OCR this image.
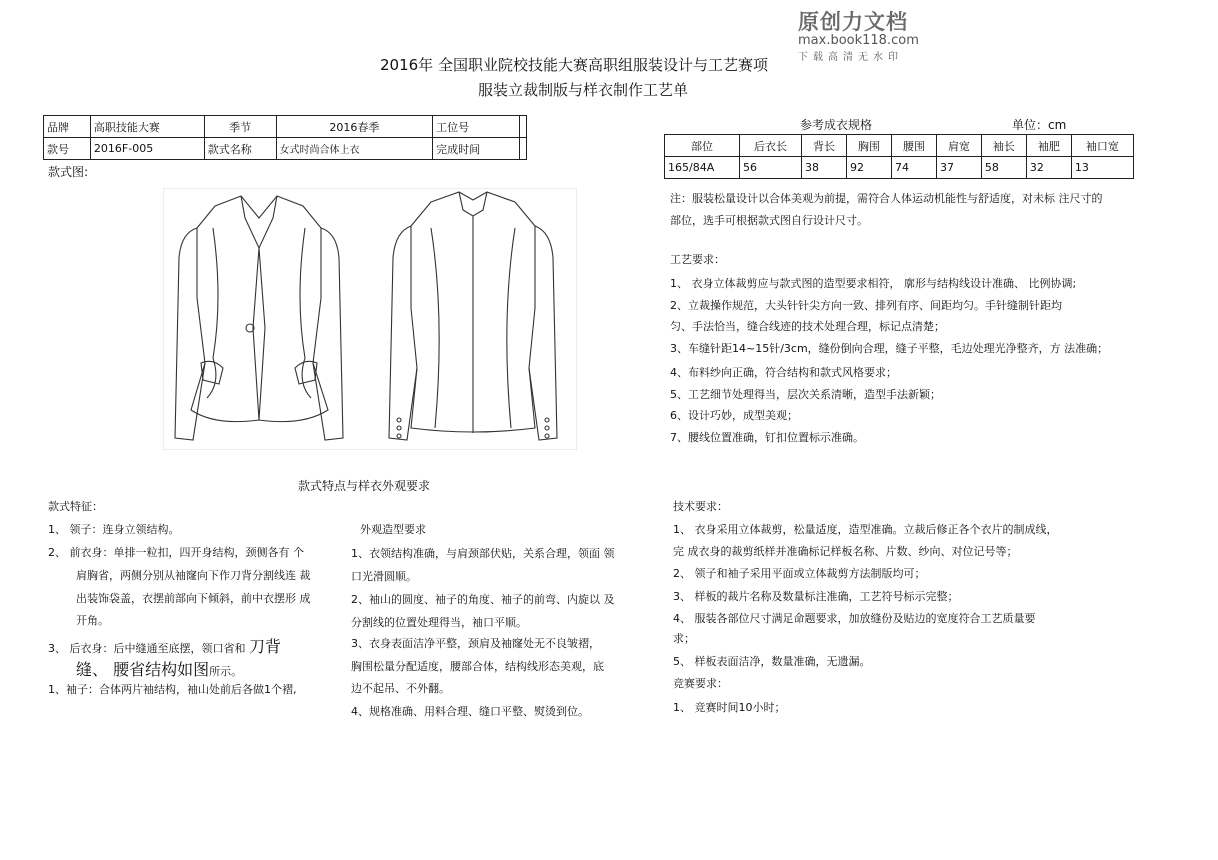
原创力文档
max.book118.com
下载高清无水印
2016年 全国职业院校技能大赛高职组服装设计与工艺赛项
服装立裁制版与样衣制作工艺单
品牌	高职技能大赛	季节	2016春季	工位号	
款号	2016F-005	款式名称	女式时尚合体上衣	完成时间	
款式图:
参考成衣规格	单位：cm
部位	后衣长	背长	胸围	腰围	肩宽	袖长	袖肥	袖口宽
165/84A	56	38	92	74	37	58	32	13
注：服装松量设计以合体美观为前提，需符合人体运动机能性与舒适度，对未标 注尺寸的
部位，选手可根据款式图自行设计尺寸。
工艺要求：
1、 衣身立体裁剪应与款式图的造型要求相符， 廓形与结构线设计准确、 比例协调;
2、立裁操作规范，大头针针尖方向一致、排列有序、间距均匀。手针缝制针距均
匀、手法恰当，缝合线迹的技术处理合理，标记点清楚；
3、车缝针距14~15针/3cm，缝份倒向合理，缝子平整，毛边处理光净整齐，方 法准确；
4、布料纱向正确，符合结构和款式风格要求；
5、工艺细节处理得当，层次关系清晰，造型手法新颖；
6、设计巧妙，成型美观；
7、腰线位置准确，钉扣位置标示准确。
款式特点与样衣外观要求
款式特征：
1、 领子：连身立领结构。
2、 前衣身：单排一粒扣，四开身结构，颈侧各有 个
肩胸省，两侧分别从袖窿向下作刀背分割线连 裁
出装饰袋盖，衣摆前部向下倾斜，前中衣摆形 成
开角。
3、 后衣身：后中缝通至底摆，领口省和 刀背
缝、 腰省结构如图所示。
1、袖子：合体两片袖结构，袖山处前后各做1个褶,
外观造型要求
1、衣领结构准确，与肩颈部伏贴，关系合理，领面 领
口光滑圆顺。
2、袖山的圆度、袖子的角度、袖子的前弯、内旋以 及
分割线的位置处理得当，袖口平顺。
3、衣身表面洁净平整，颈肩及袖窿处无不良皱褶，
胸围松量分配适度，腰部合体，结构线形态美观，底
边不起吊、不外翻。
4、规格准确、用料合理、缝口平整、熨烫到位。
技术要求：
1、 衣身采用立体裁剪，松量适度，造型准确。立裁后修正各个衣片的制成线，
完 成衣身的裁剪纸样并准确标记样板名称、片数、纱向、对位记号等；
2、 领子和袖子采用平面或立体裁剪方法制版均可；
3、 样板的裁片名称及数量标注准确，工艺符号标示完整；
4、 服装各部位尺寸满足命题要求，加放缝份及贴边的宽度符合工艺质量要
求；
5、 样板表面洁净，数量准确，无遗漏。
竞赛要求：
1、 竞赛时间10小时；
